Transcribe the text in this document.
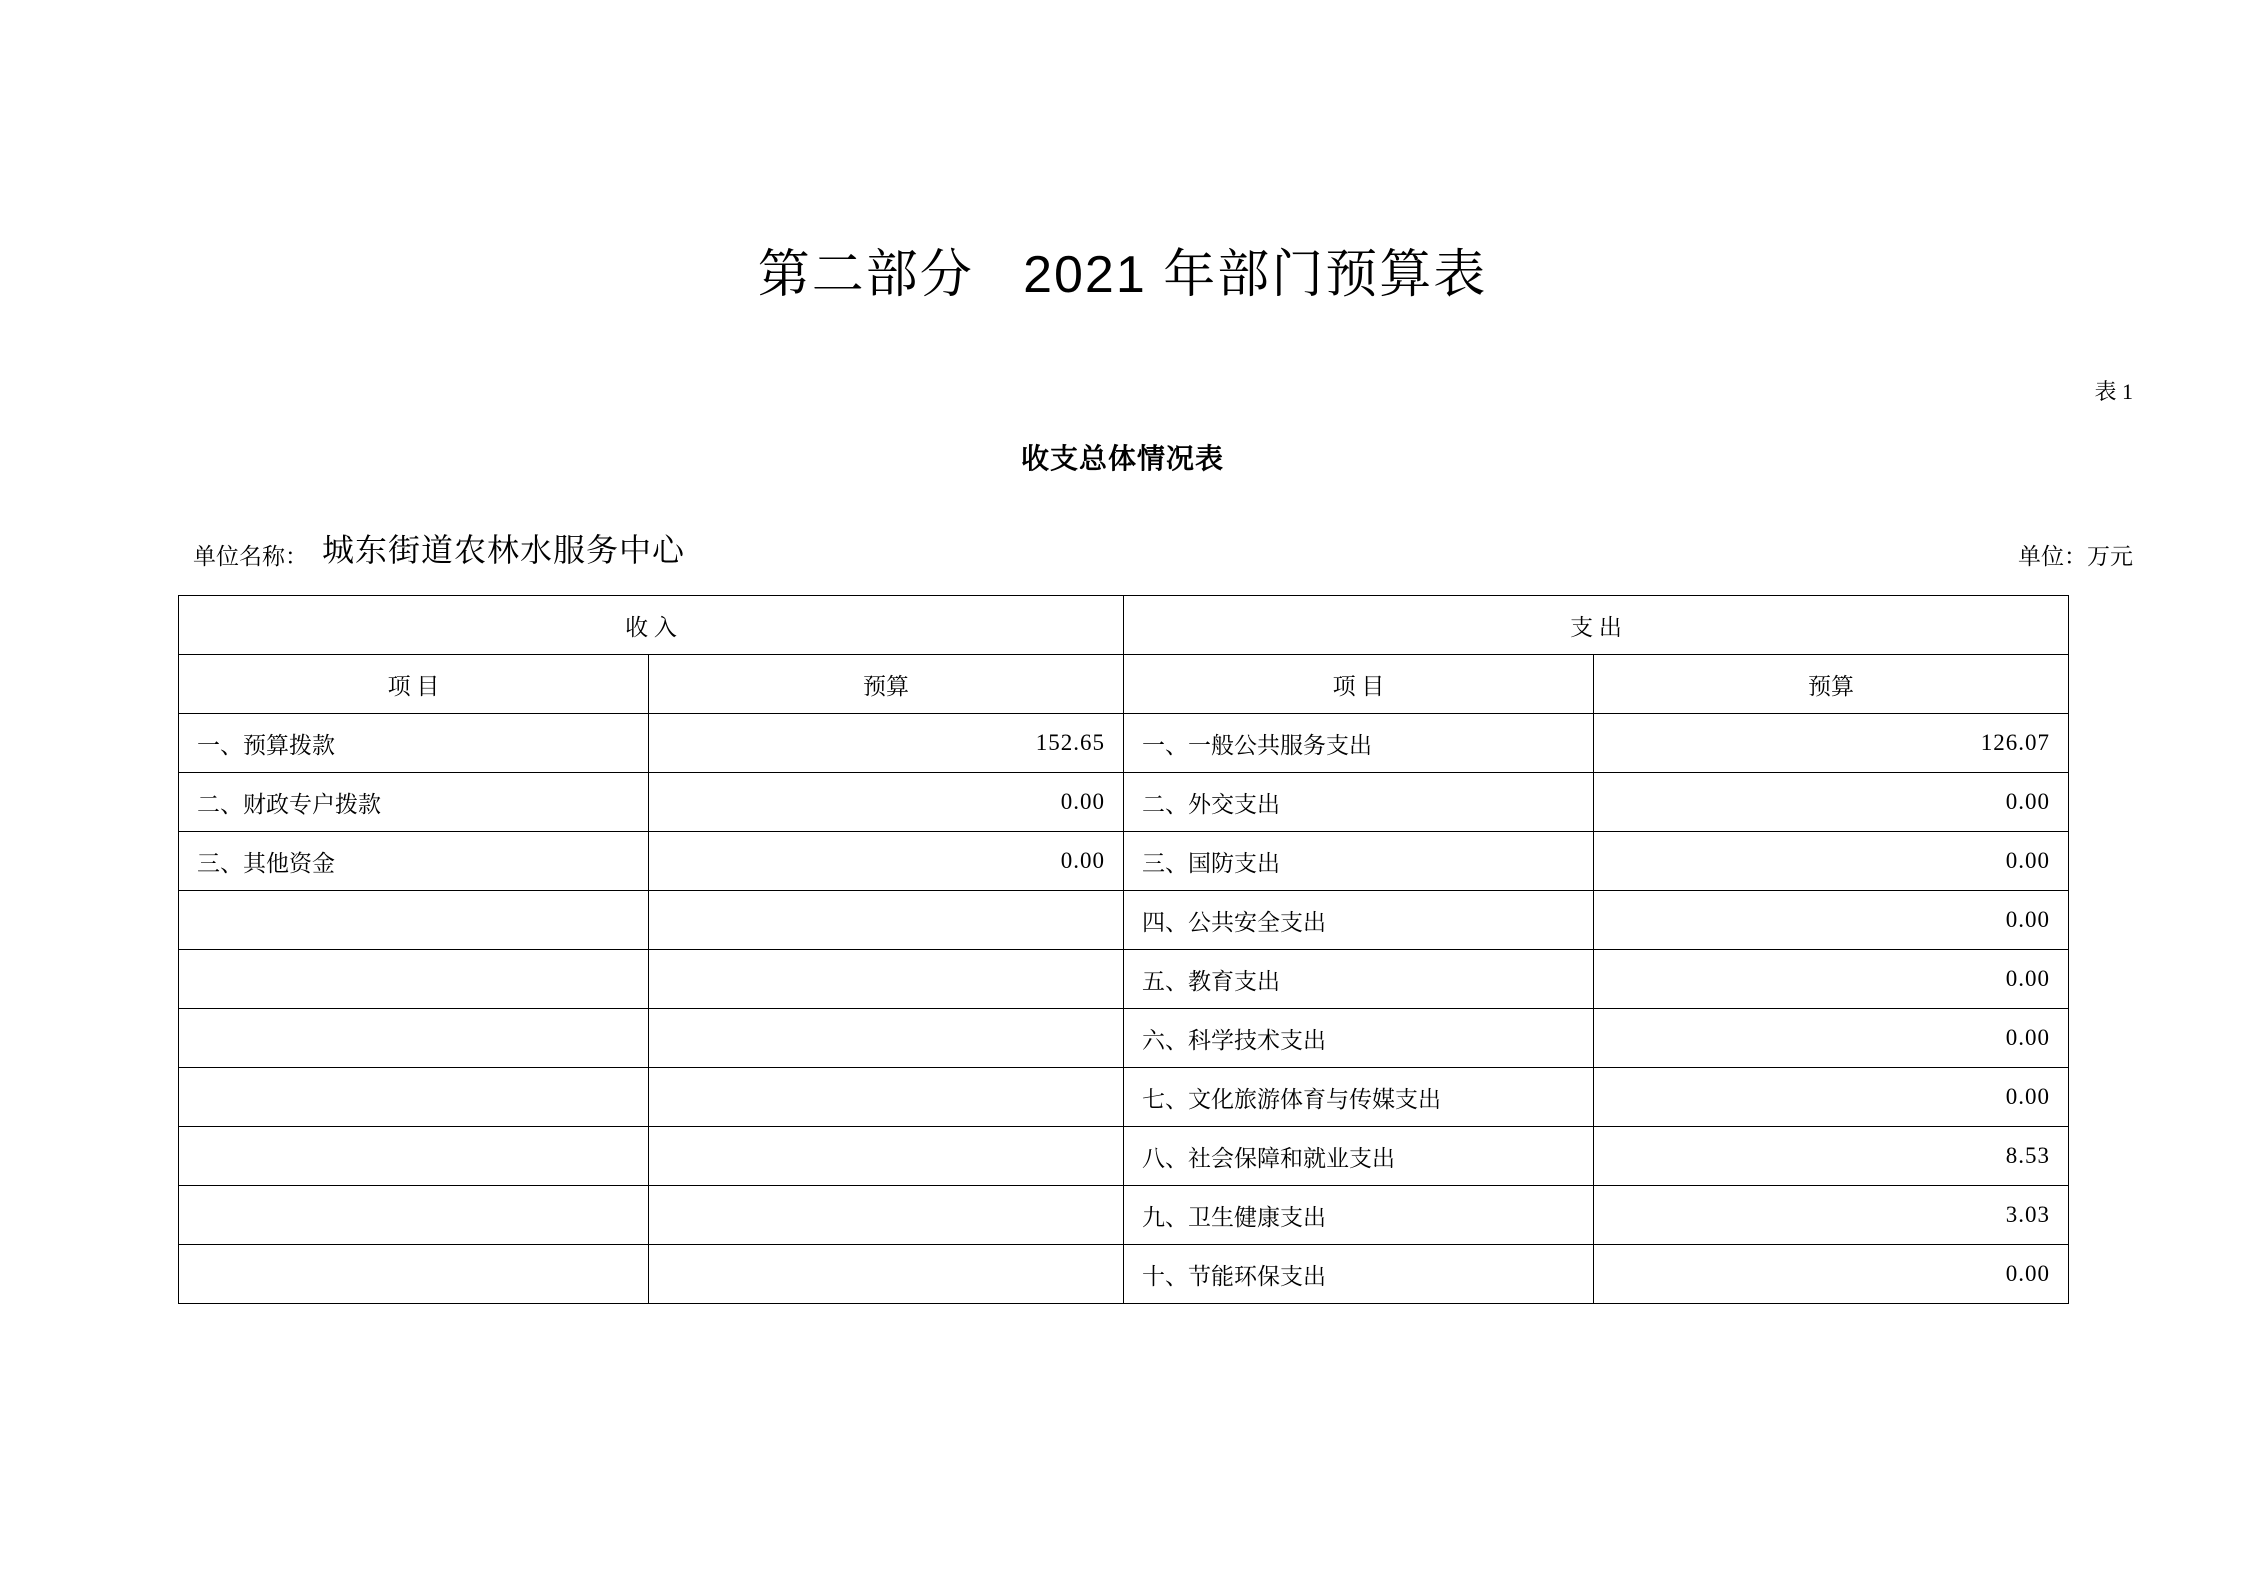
第二部分   2021 年部门预算表
表 1
收支总体情况表
单位名称： 城东街道农林水服务中心	单位：万元
收 入		支 出	
项 目	预算	项 目	预算
一、预算拨款	152.65	一、一般公共服务支出	126.07
二、财政专户拨款	0.00	二、外交支出	0.00
三、其他资金	0.00	三、国防支出	0.00
		四、公共安全支出	0.00
		五、教育支出	0.00
		六、科学技术支出	0.00
		七、文化旅游体育与传媒支出	0.00
		八、社会保障和就业支出	8.53
		九、卫生健康支出	3.03
		十、节能环保支出	0.00
